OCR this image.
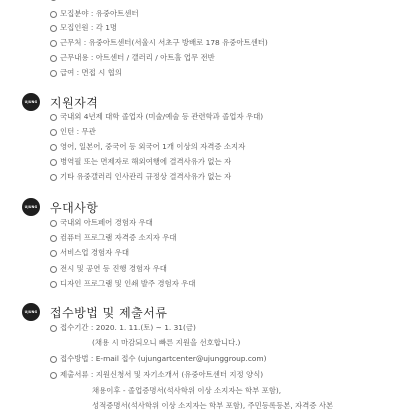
모집분야 : 유중아트센터
모집인원 : 각 1명
근무처 : 유중아트센터(서울시 서초구 방배로 178 유중아트센터)
근무내용 : 아트센터 / 갤러리 / 아트홀 업무 전반
급여 : 면접 시 협의
UJUNG 지원자격
국내외 4년제 대학 졸업자 (미술/예술 등 관련학과 졸업자 우대)
인턴 : 무관
영어, 일본어, 중국어 등 외국어 1개 이상의 자격증 소지자
병역필 또는 면제자로 해외여행에 결격사유가 없는 자
기타 유중갤러리 인사관리 규정상 결격사유가 없는 자
UJUNG 우대사항
국내외 아트페어 경험자 우대
컴퓨터 프로그램 자격증 소지자 우대
서비스업 경험자 우대
전시 및 공연 등 진행 경험자 우대
디자인 프로그램 및 인쇄 발주 경험자 우대
UJUNG 접수방법 및 제출서류
접수기간 : 2020. 1. 11.(토) ~ 1. 31(금)
(채용 시 마감되오니 빠른 지원을 선호합니다.)
접수방법 : E-mail 접수 (ujungartcenter@ujunggroup.com)
제출서류 : 지원신청서 및 자기소개서 (유중아트센터 지정 양식)
채용이후 - 졸업증명서(석사학위 이상 소지자는 학부 포함),
성적증명서(석사학위 이상 소지자는 학부 포함), 주민등록등본, 자격증 사본
